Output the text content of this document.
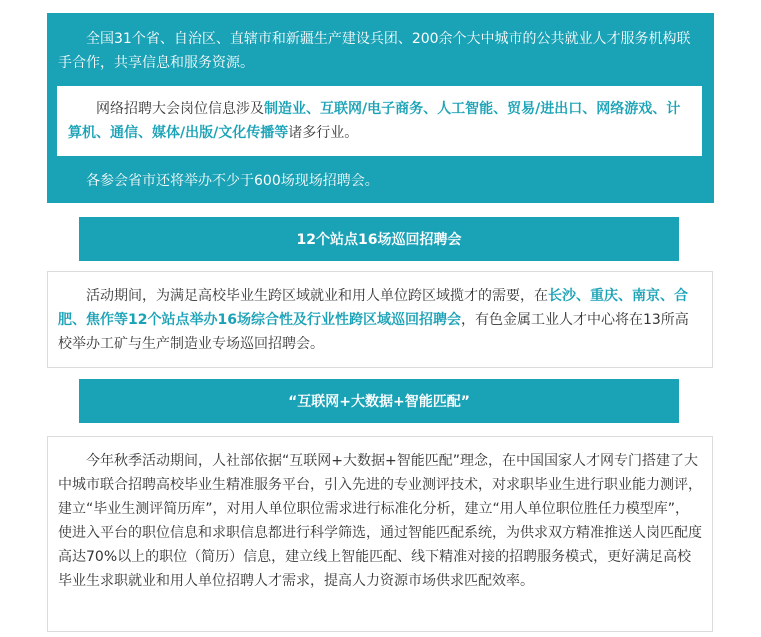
全国31个省、自治区、直辖市和新疆生产建设兵团、200余个大中城市的公共就业人才服务机构联手合作，共享信息和服务资源。

网络招聘大会岗位信息涉及制造业、互联网/电子商务、人工智能、贸易/进出口、网络游戏、计算机、通信、媒体/出版/文化传播等诸多行业。

各参会省市还将举办不少于600场现场招聘会。

12个站点16场巡回招聘会

活动期间，为满足高校毕业生跨区域就业和用人单位跨区域揽才的需要，在长沙、重庆、南京、合肥、焦作等12个站点举办16场综合性及行业性跨区域巡回招聘会，有色金属工业人才中心将在13所高校举办工矿与生产制造业专场巡回招聘会。

“互联网+大数据+智能匹配”

今年秋季活动期间，人社部依据“互联网+大数据+智能匹配”理念，在中国国家人才网专门搭建了大中城市联合招聘高校毕业生精准服务平台，引入先进的专业测评技术，对求职毕业生进行职业能力测评，建立“毕业生测评简历库”，对用人单位职位需求进行标准化分析，建立“用人单位职位胜任力模型库”，使进入平台的职位信息和求职信息都进行科学筛选，通过智能匹配系统，为供求双方精准推送人岗匹配度高达70%以上的职位（简历）信息，建立线上智能匹配、线下精准对接的招聘服务模式，更好满足高校毕业生求职就业和用人单位招聘人才需求，提高人力资源市场供求匹配效率。
